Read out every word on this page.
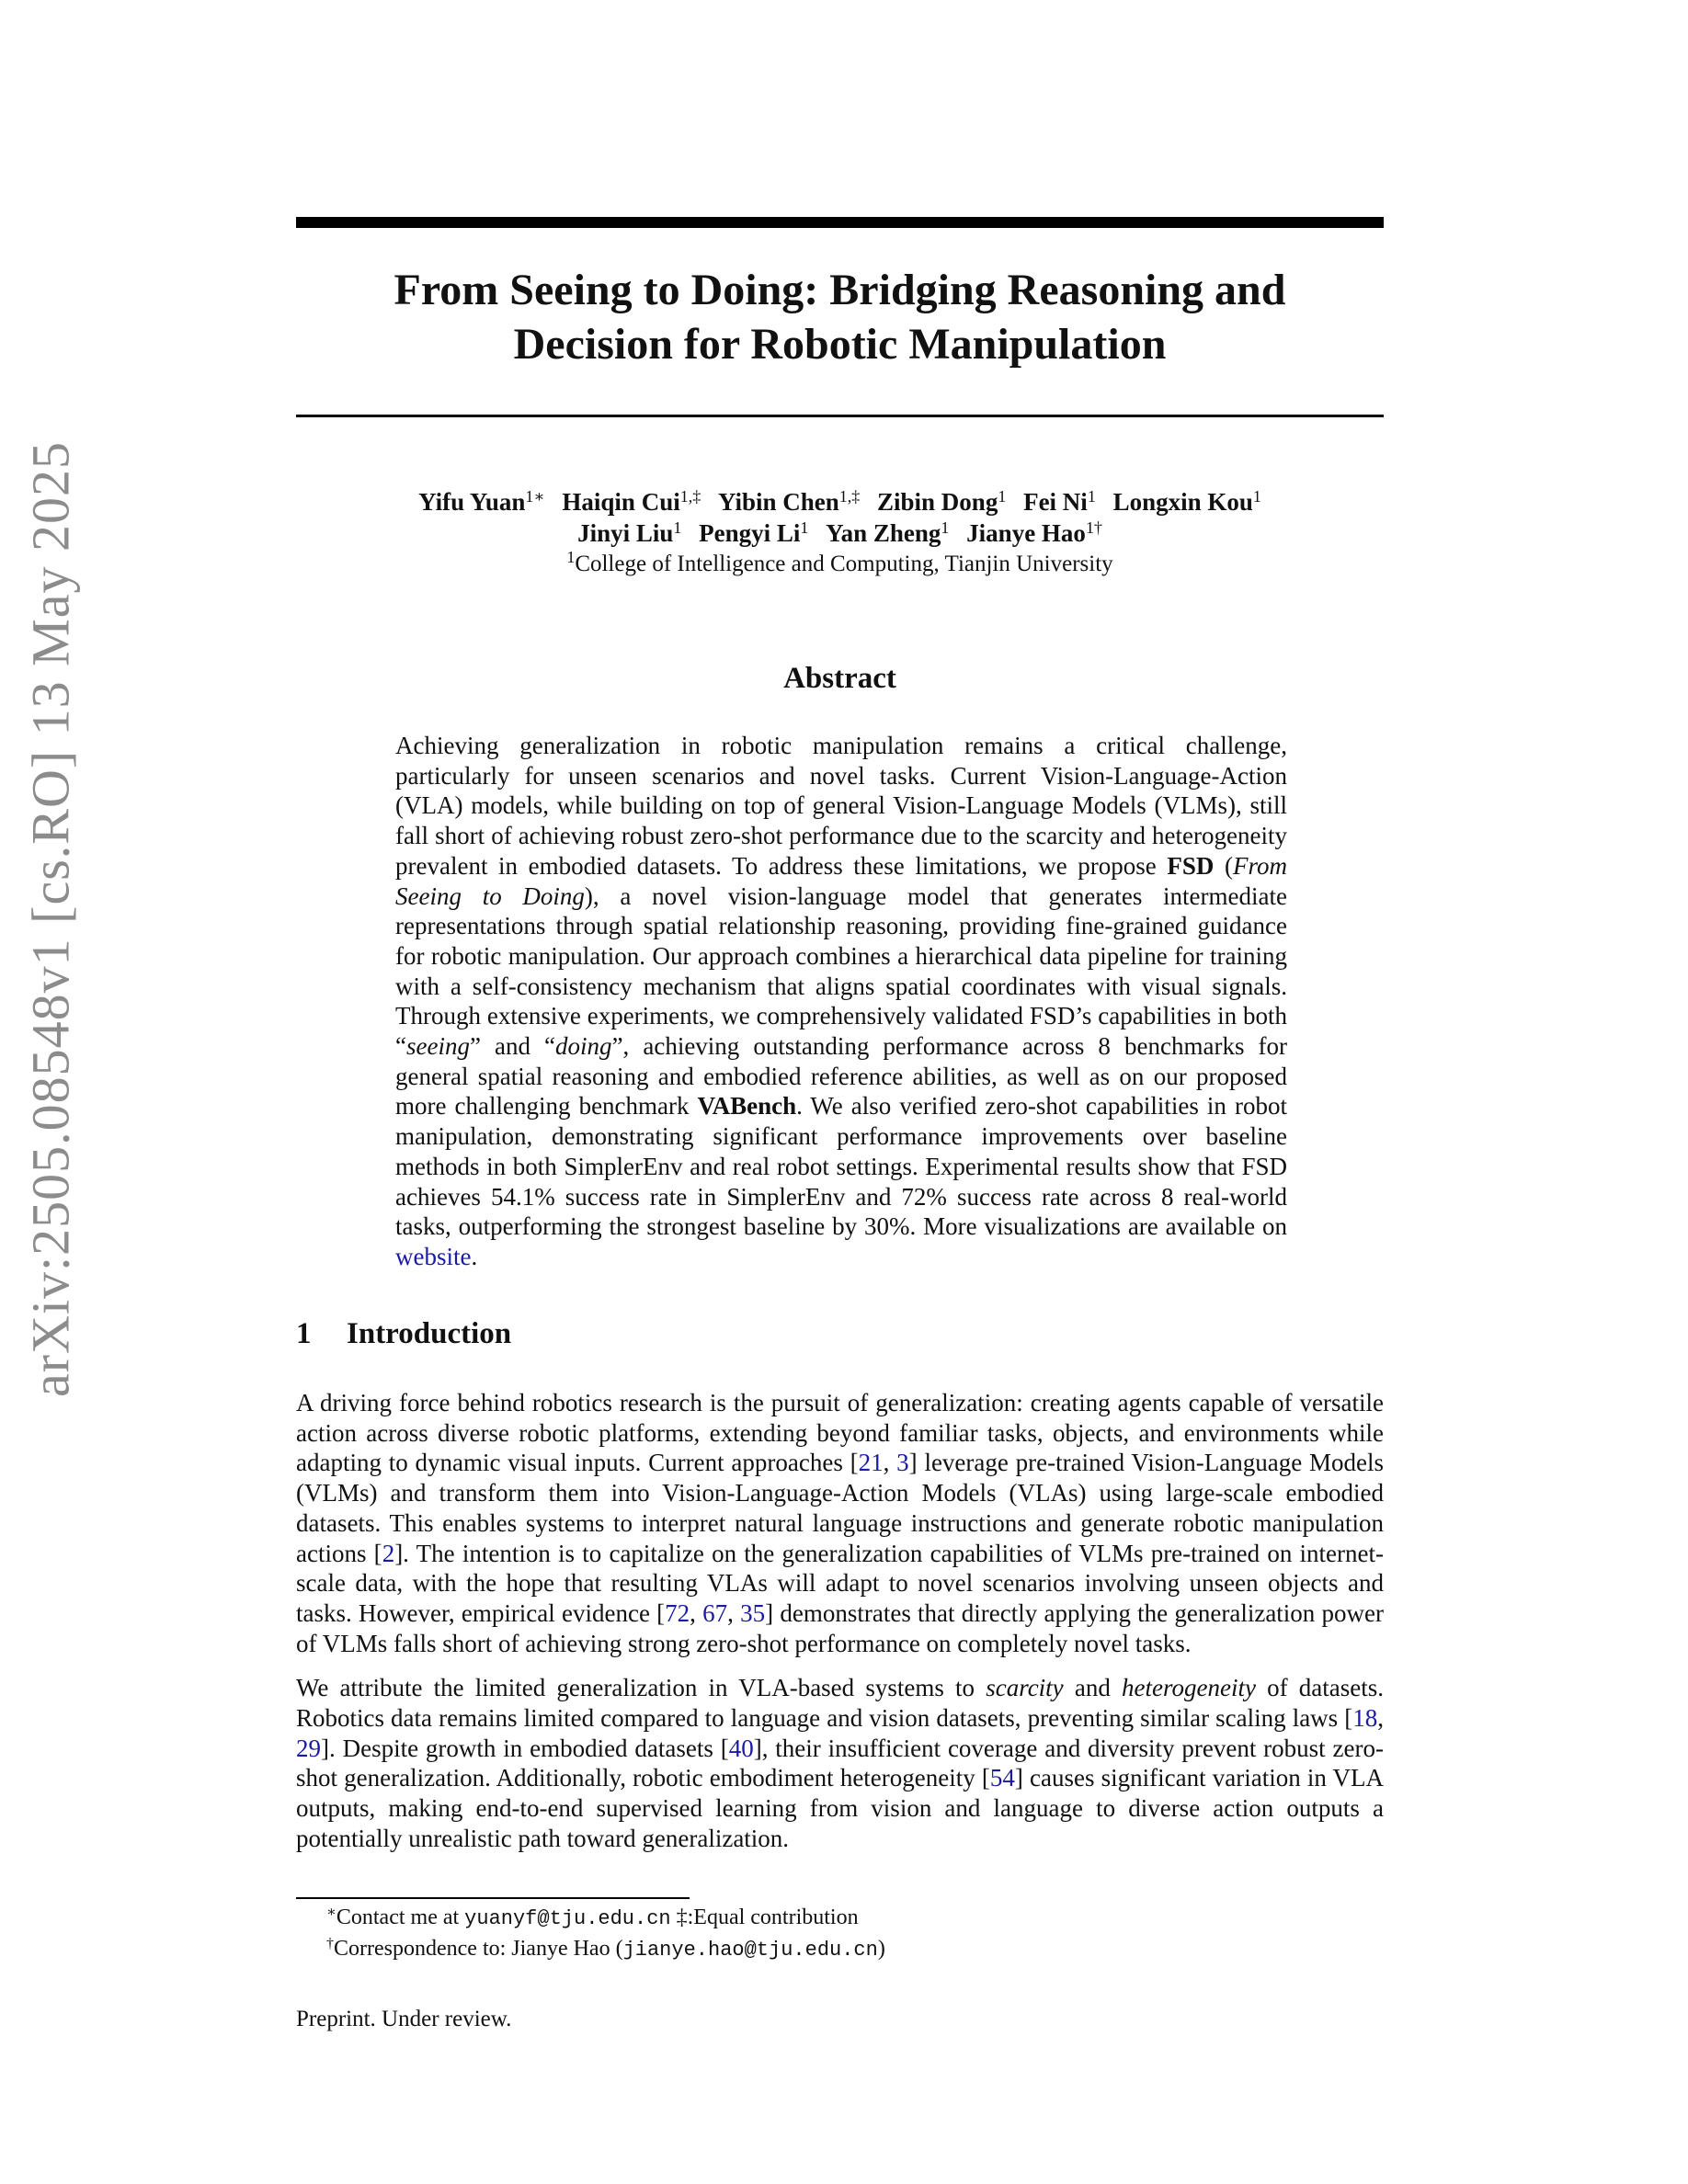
arXiv:2505.08548v1 [cs.RO] 13 May 2025
From Seeing to Doing: Bridging Reasoning and
Decision for Robotic Manipulation
Yifu Yuan$^{1∗}$ Haiqin Cui$^{1,\ddagger}$ Yibin Chen$^{1,\ddagger}$ Zibin Dong$^1$ Fei Ni$^1$ Longxin Kou$^1$
Jinyi Liu$^1$ Pengyi Li$^1$ Yan Zheng$^1$ Jianye Hao$^{1\dagger}$
$^1$College of Intelligence and Computing, Tianjin University
Abstract
Achieving generalization in robotic manipulation remains a critical challenge, particularly for unseen scenarios and novel tasks. Current Vision-Language-Action (VLA) models, while building on top of general Vision-Language Models (VLMs), still fall short of achieving robust zero-shot performance due to the scarcity and heterogeneity prevalent in embodied datasets. To address these limitations, we propose FSD (From Seeing to Doing), a novel vision-language model that generates intermediate representations through spatial relationship reasoning, providing fine-grained guidance for robotic manipulation. Our approach combines a hierarchical data pipeline for training with a self-consistency mechanism that aligns spatial coordinates with visual signals. Through extensive experiments, we comprehensively validated FSD’s capabilities in both “seeing” and “doing”, achieving outstanding performance across 8 benchmarks for general spatial reasoning and embodied reference abilities, as well as on our proposed more challenging benchmark VABench. We also verified zero-shot capabilities in robot manipulation, demonstrating significant performance improvements over baseline methods in both SimplerEnv and real robot settings. Experimental results show that FSD achieves 54.1% success rate in SimplerEnv and 72% success rate across 8 real-world tasks, outperforming the strongest baseline by 30%. More visualizations are available on website.
1 Introduction

A driving force behind robotics research is the pursuit of generalization: creating agents capable of versatile action across diverse robotic platforms, extending beyond familiar tasks, objects, and environments while adapting to dynamic visual inputs. Current approaches [21, 3] leverage pre-trained Vision-Language Models (VLMs) and transform them into Vision-Language-Action Models (VLAs) using large-scale embodied datasets. This enables systems to interpret natural language instructions and generate robotic manipulation actions [2]. The intention is to capitalize on the generalization capabilities of VLMs pre-trained on internet-scale data, with the hope that resulting VLAs will adapt to novel scenarios involving unseen objects and tasks. However, empirical evidence [72, 67, 35] demonstrates that directly applying the generalization power of VLMs falls short of achieving strong zero-shot performance on completely novel tasks.

We attribute the limited generalization in VLA-based systems to scarcity and heterogeneity of datasets. Robotics data remains limited compared to language and vision datasets, preventing similar scaling laws [18, 29]. Despite growth in embodied datasets [40], their insufficient coverage and diversity prevent robust zero-shot generalization. Additionally, robotic embodiment heterogeneity [54] causes significant variation in VLA outputs, making end-to-end supervised learning from vision and language to diverse action outputs a potentially unrealistic path toward generalization.

∗Contact me at yuanyf@tju.edu.cn ‡:Equal contribution
†Correspondence to: Jianye Hao (jianye.hao@tju.edu.cn)
Preprint. Under review.
